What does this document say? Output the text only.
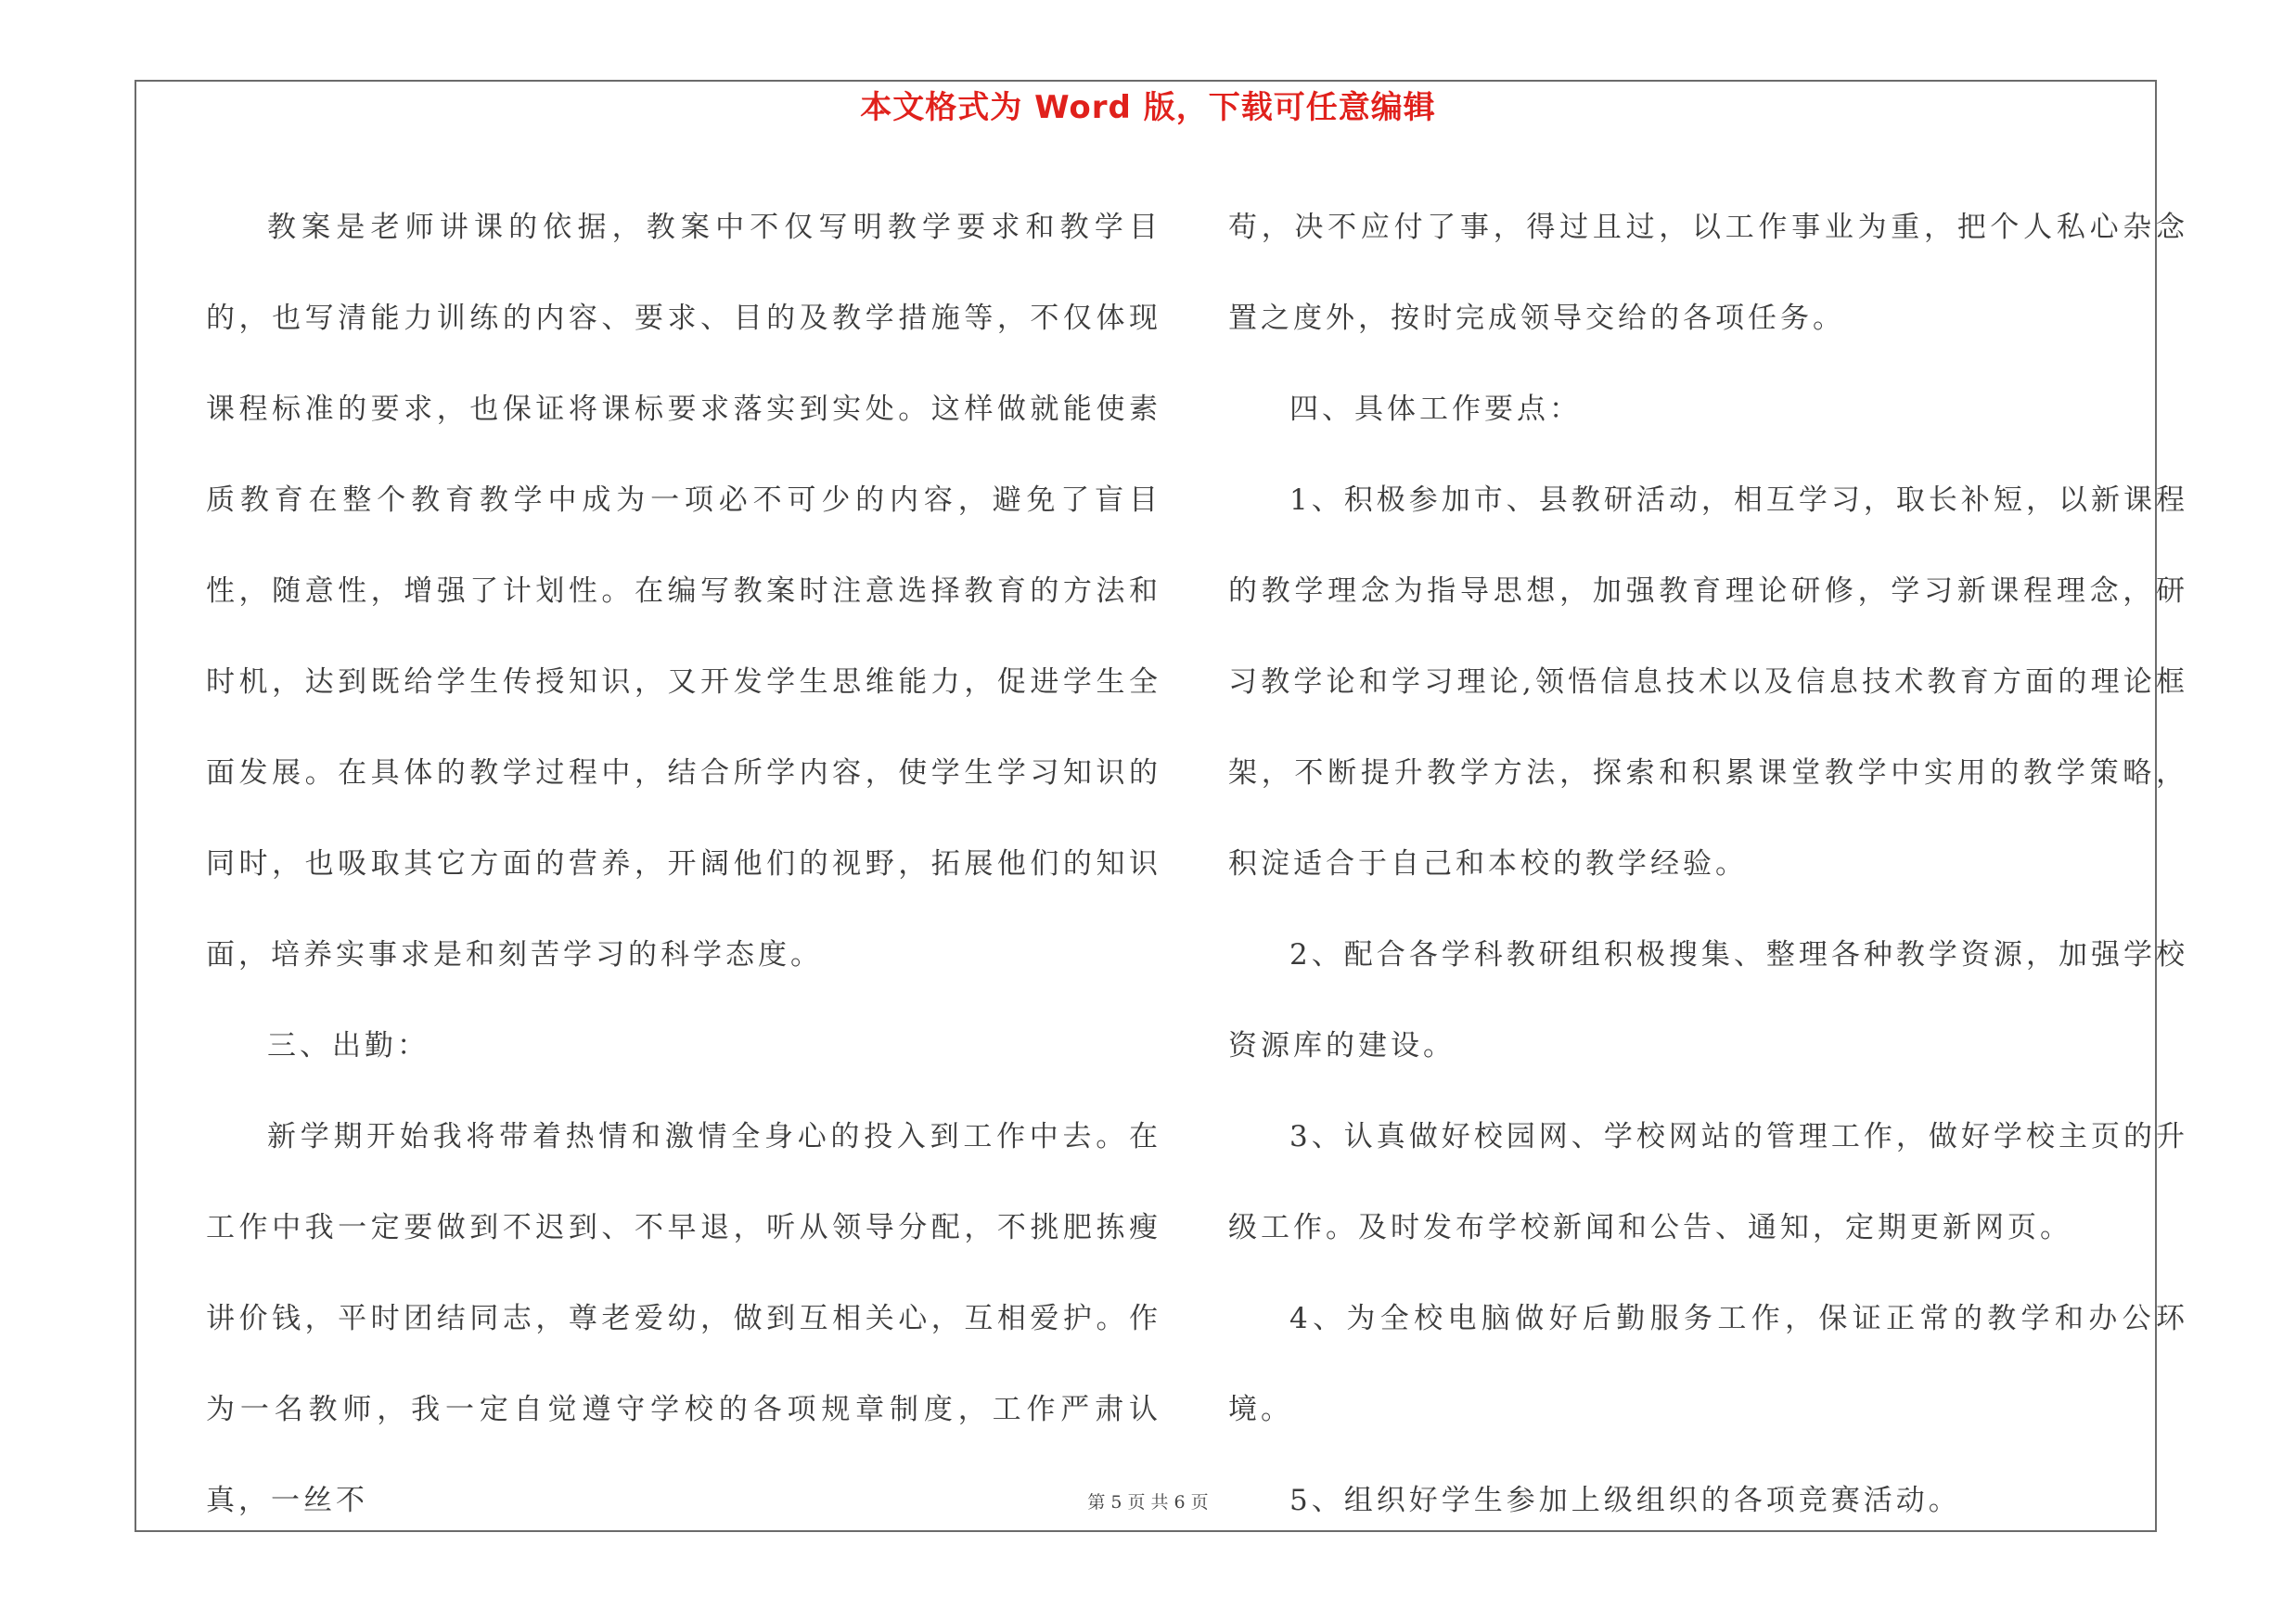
本文格式为 Word 版，下载可任意编辑

教案是老师讲课的依据，教案中不仅写明教学要求和教学目的，也写清能力训练的内容、要求、目的及教学措施等，不仅体现课程标准的要求，也保证将课标要求落实到实处。这样做就能使素质教育在整个教育教学中成为一项必不可少的内容，避免了盲目性，随意性，增强了计划性。在编写教案时注意选择教育的方法和时机，达到既给学生传授知识，又开发学生思维能力，促进学生全面发展。在具体的教学过程中，结合所学内容，使学生学习知识的同时，也吸取其它方面的营养，开阔他们的视野，拓展他们的知识面，培养实事求是和刻苦学习的科学态度。

三、出勤：

新学期开始我将带着热情和激情全身心的投入到工作中去。在工作中我一定要做到不迟到、不早退，听从领导分配，不挑肥拣瘦讲价钱，平时团结同志，尊老爱幼，做到互相关心，互相爱护。作为一名教师，我一定自觉遵守学校的各项规章制度，工作严肃认真，一丝不

苟，决不应付了事，得过且过，以工作事业为重，把个人私心杂念置之度外，按时完成领导交给的各项任务。

四、具体工作要点：

1、积极参加市、县教研活动，相互学习，取长补短，以新课程的教学理念为指导思想，加强教育理论研修，学习新课程理念，研习教学论和学习理论,领悟信息技术以及信息技术教育方面的理论框架，不断提升教学方法，探索和积累课堂教学中实用的教学策略，积淀适合于自己和本校的教学经验。

2、配合各学科教研组积极搜集、整理各种教学资源，加强学校资源库的建设。

3、认真做好校园网、学校网站的管理工作，做好学校主页的升级工作。及时发布学校新闻和公告、通知，定期更新网页。

4、为全校电脑做好后勤服务工作，保证正常的教学和办公环境。

5、组织好学生参加上级组织的各项竞赛活动。

第 5 页 共 6 页
